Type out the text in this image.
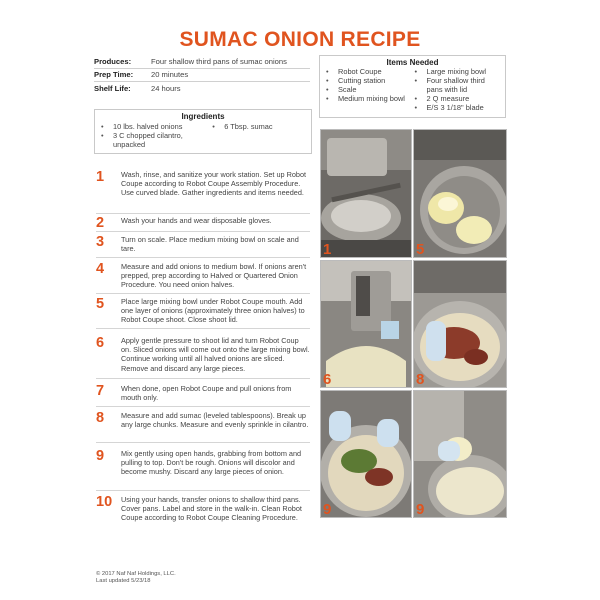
SUMAC ONION RECIPE
Produces:	Four shallow third pans of sumac onions
Prep Time:	20 minutes
Shelf Life:	24 hours
Items Needed
• Robot Coupe
• Cutting station
• Scale
• Medium mixing bowl
• Large mixing bowl
• Four shallow third pans with lid
• 2 Q measure
• E/S 3 1/18" blade
Ingredients
• 10 lbs. halved onions
• 3 C chopped cilantro, unpacked
• 6 Tbsp. sumac
1	Wash, rinse, and sanitize your work station. Set up Robot Coupe according to Robot Coupe Assembly Procedure. Use curved blade. Gather ingredients and items needed.
2	Wash your hands and wear disposable gloves.
3	Turn on scale. Place medium mixing bowl on scale and tare.
4	Measure and add onions to medium bowl. If onions aren't prepped, prep according to Halved or Quartered Onion Procedure. You need onion halves.
5	Place large mixing bowl under Robot Coupe mouth. Add one layer of onions (approximately three onion halves) to Robot Coupe shoot. Close shoot lid.
6	Apply gentle pressure to shoot lid and turn Robot Coup on. Sliced onions will come out onto the large mixing bowl. Continue working until all halved onions are sliced. Remove and discard any large pieces.
7	When done, open Robot Coupe and pull onions from mouth only.
8	Measure and add sumac (leveled tablespoons). Break up any large chunks. Measure and evenly sprinkle in cilantro.
9	Mix gently using open hands, grabbing from bottom and pulling to top. Don't be rough. Onions will discolor and become mushy. Discard any large pieces of onion.
10	Using your hands, transfer onions to shallow third pans. Cover pans. Label and store in the walk-in. Clean Robot Coupe according to Robot Coupe Cleaning Procedure.
1	5
6	8
9	9
© 2017 Naf Naf Holdings, LLC.
Last updated 5/23/18
